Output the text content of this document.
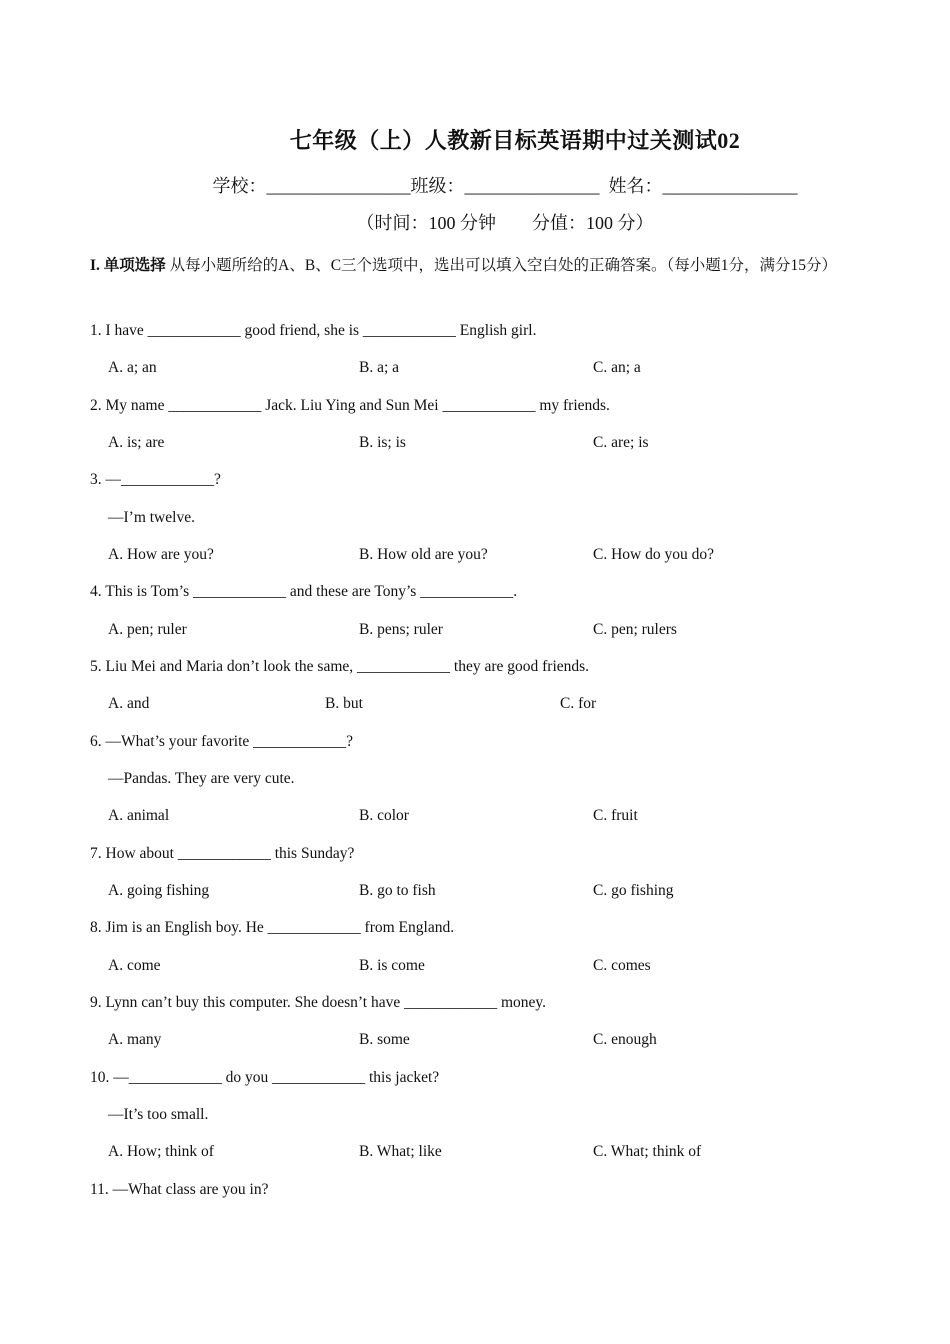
七年级（上）人教新目标英语期中过关测试02
学校：________________班级：_______________  姓名：_______________
（时间：100 分钟        分值：100 分）
I. 单项选择 从每小题所给的A、B、C三个选项中，选出可以填入空白处的正确答案。（每小题1分，满分15分）
1. I have ____________ good friend, she is ____________ English girl.
A. a; an	B. a; a	C. an; a
2. My name ____________ Jack. Liu Ying and Sun Mei ____________ my friends.
A. is; are	B. is; is	C. are; is
3. —____________?
—I’m twelve.
A. How are you?	B. How old are you?	C. How do you do?
4. This is Tom’s ____________ and these are Tony’s ____________.
A. pen; ruler	B. pens; ruler	C. pen; rulers
5. Liu Mei and Maria don’t look the same, ____________ they are good friends.
A. and	B. but	C. for
6. —What’s your favorite ____________?
—Pandas. They are very cute.
A. animal	B. color	C. fruit
7. How about ____________ this Sunday?
A. going fishing	B. go to fish	C. go fishing
8. Jim is an English boy. He ____________ from England.
A. come	B. is come	C. comes
9. Lynn can’t buy this computer. She doesn’t have ____________ money.
A. many	B. some	C. enough
10. —____________ do you ____________ this jacket?
—It’s too small.
A. How; think of	B. What; like	C. What; think of
11. —What class are you in?
